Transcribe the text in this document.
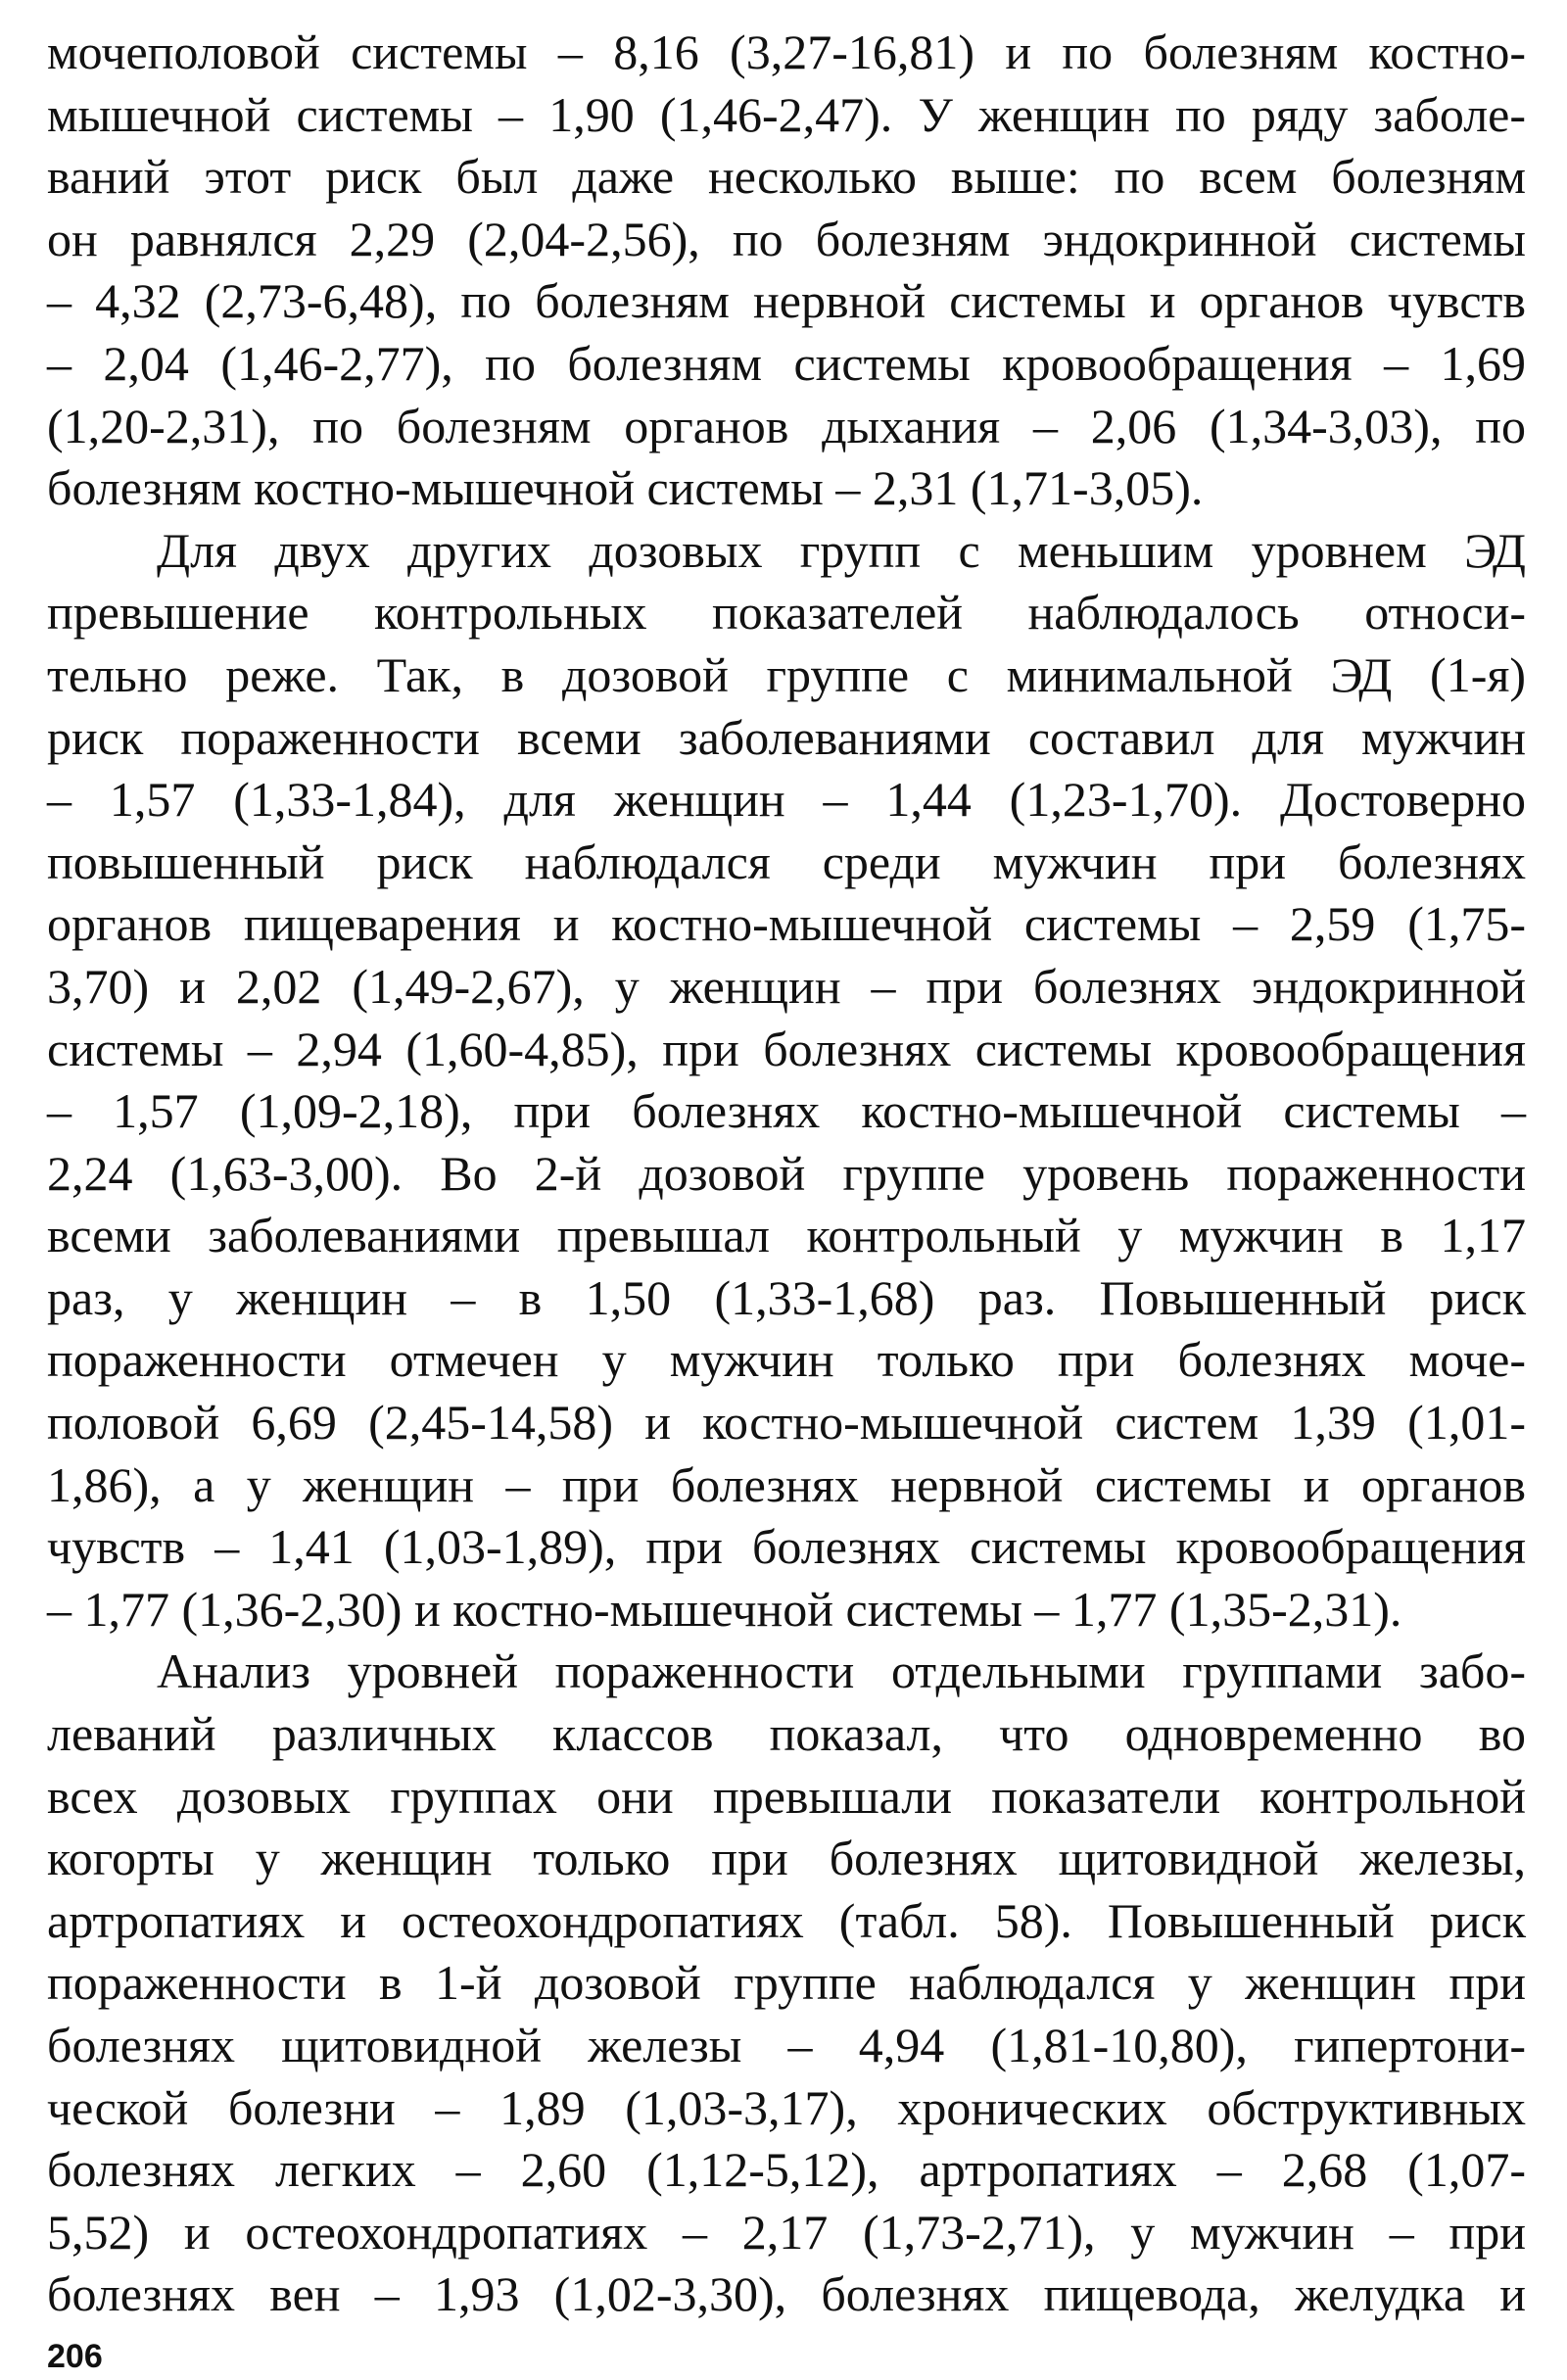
мочеполовой системы – 8,16 (3,27-16,81) и по болезням костно-
мышечной системы – 1,90 (1,46-2,47). У женщин по ряду заболе-
ваний этот риск был даже несколько выше: по всем болезням
он равнялся 2,29 (2,04-2,56), по болезням эндокринной системы
– 4,32 (2,73-6,48), по болезням нервной системы и органов чувств
– 2,04 (1,46-2,77), по болезням системы кровообращения – 1,69
(1,20-2,31), по болезням органов дыхания – 2,06 (1,34-3,03), по
болезням костно-мышечной системы – 2,31 (1,71-3,05).
Для двух других дозовых групп с меньшим уровнем ЭД
превышение контрольных показателей наблюдалось относи-
тельно реже. Так, в дозовой группе с минимальной ЭД (1-я)
риск пораженности всеми заболеваниями составил для мужчин
– 1,57 (1,33-1,84), для женщин – 1,44 (1,23-1,70). Достоверно
повышенный риск наблюдался среди мужчин при болезнях
органов пищеварения и костно-мышечной системы – 2,59 (1,75-
3,70) и 2,02 (1,49-2,67), у женщин – при болезнях эндокринной
системы – 2,94 (1,60-4,85), при болезнях системы кровообращения
– 1,57 (1,09-2,18), при болезнях костно-мышечной системы –
2,24 (1,63-3,00). Во 2-й дозовой группе уровень пораженности
всеми заболеваниями превышал контрольный у мужчин в 1,17
раз, у женщин – в 1,50 (1,33-1,68) раз. Повышенный риск
пораженности отмечен у мужчин только при болезнях моче-
половой 6,69 (2,45-14,58) и костно-мышечной систем 1,39 (1,01-
1,86), а у женщин – при болезнях нервной системы и органов
чувств – 1,41 (1,03-1,89), при болезнях системы кровообращения
– 1,77 (1,36-2,30) и костно-мышечной системы – 1,77 (1,35-2,31).
Анализ уровней пораженности отдельными группами забо-
леваний различных классов показал, что одновременно во
всех дозовых группах они превышали показатели контрольной
когорты у женщин только при болезнях щитовидной железы,
артропатиях и остеохондропатиях (табл. 58). Повышенный риск
пораженности в 1-й дозовой группе наблюдался у женщин при
болезнях щитовидной железы – 4,94 (1,81-10,80), гипертони-
ческой болезни – 1,89 (1,03-3,17), хронических обструктивных
болезнях легких – 2,60 (1,12-5,12), артропатиях – 2,68 (1,07-
5,52) и остеохондропатиях – 2,17 (1,73-2,71), у мужчин – при
болезнях вен – 1,93 (1,02-3,30), болезнях пищевода, желудка и
206
